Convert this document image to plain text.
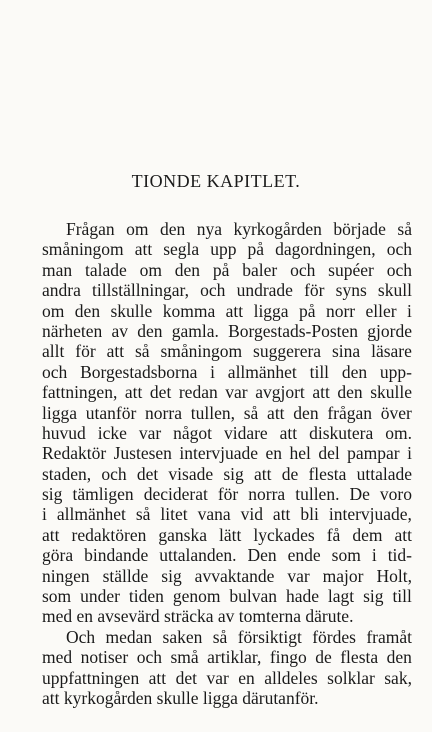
TIONDE KAPITLET.
Frågan om den nya kyrkogården började så
småningom att segla upp på dagordningen, och
man talade om den på baler och supéer och
andra tillställningar, och undrade för syns skull
om den skulle komma att ligga på norr eller i
närheten av den gamla. Borgestads-Posten gjorde
allt för att så småningom suggerera sina läsare
och Borgestadsborna i allmänhet till den upp-
fattningen, att det redan var avgjort att den skulle
ligga utanför norra tullen, så att den frågan över
huvud icke var något vidare att diskutera om.
Redaktör Justesen intervjuade en hel del pampar i
staden, och det visade sig att de flesta uttalade
sig tämligen deciderat för norra tullen. De voro
i allmänhet så litet vana vid att bli intervjuade,
att redaktören ganska lätt lyckades få dem att
göra bindande uttalanden. Den ende som i tid-
ningen ställde sig avvaktande var major Holt,
som under tiden genom bulvan hade lagt sig till
med en avsevärd sträcka av tomterna därute.
Och medan saken så försiktigt fördes framåt
med notiser och små artiklar, fingo de flesta den
uppfattningen att det var en alldeles solklar sak,
att kyrkogården skulle ligga därutanför.
